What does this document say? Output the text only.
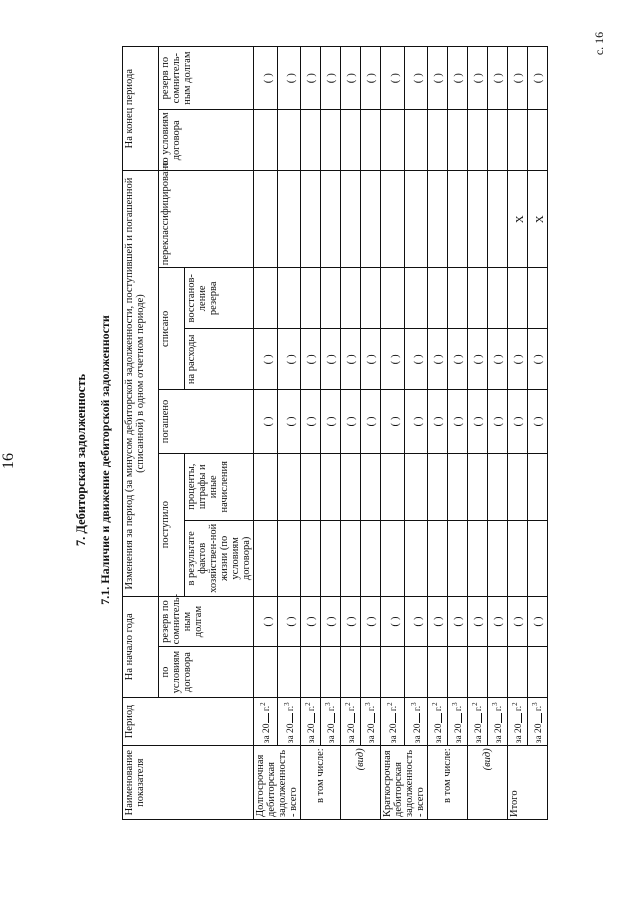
с. 16
16	7. Дебиторская задолженность 7.1. Наличие и движение дебиторской задолженности
Наименование показателя	Период	На начало года		Изменения за период (за минусом дебиторской задолженности, поступившей и погашенной (списанной) в одном отчетном периоде)						На конец периода	
		по условиям договора	резерв по сомнитель-ным долгам	поступило		погашено	списано		переклассифицировано	по условиям договора	резерв по сомнитель-ным долгам
				в результате фактов хозяйствен-ной жизни (по условиям договора)	проценты, штрафы и иные начисления		на расходы	восстанов-ление резерва			
Долгосрочная дебиторская задолженность - всего	за 20 г.$^2$		( )			( )	( )				( )
	за 20 г.$^3$		( )			( )	( )				( )
в том числе:	за 20 г.$^2$		( )			( )	( )				( )
	за 20 г.$^3$		( )			( )	( )				( )
(вид)	за 20 г.$^2$		( )			( )	( )				( )
	за 20 г.$^3$		( )			( )	( )				( )
Краткосрочная дебиторская задолженность - всего	за 20 г.$^2$		( )			( )	( )				( )
	за 20 г.$^3$		( )			( )	( )				( )
в том числе:	за 20 г.$^2$		( )			( )	( )				( )
	за 20 г.$^3$		( )			( )	( )				( )
(вид)	за 20 г.$^2$		( )			( )	( )				( )
	за 20 г.$^3$		( )			( )	( )				( )
Итого	за 20 г.$^2$		( )			( )	( )		X		( )
	за 20 г.$^3$		( )			( )	( )		X		( )
